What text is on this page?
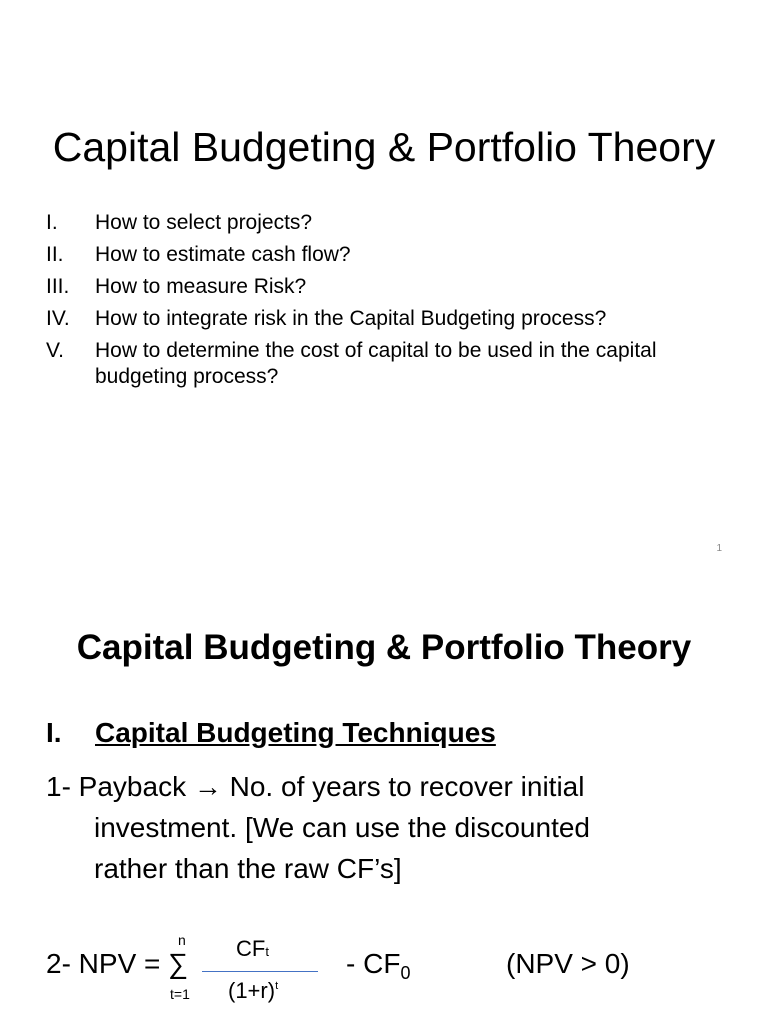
Capital Budgeting & Portfolio Theory
I.	How to select projects?
II.	How to estimate cash flow?
III.	How to measure Risk?
IV.	How to integrate risk in the Capital Budgeting process?
V.	How to determine the cost of capital to be used in the capital budgeting process?
1
Capital Budgeting & Portfolio Theory
I.	Capital Budgeting Techniques
1- Payback → No. of years to recover initial
investment. [We can use the discounted
rather than the raw CF’s]
2- NPV = ∑
n
t=1
CFt
$(1+r)^t$
- $CF_0$	(NPV > 0)
